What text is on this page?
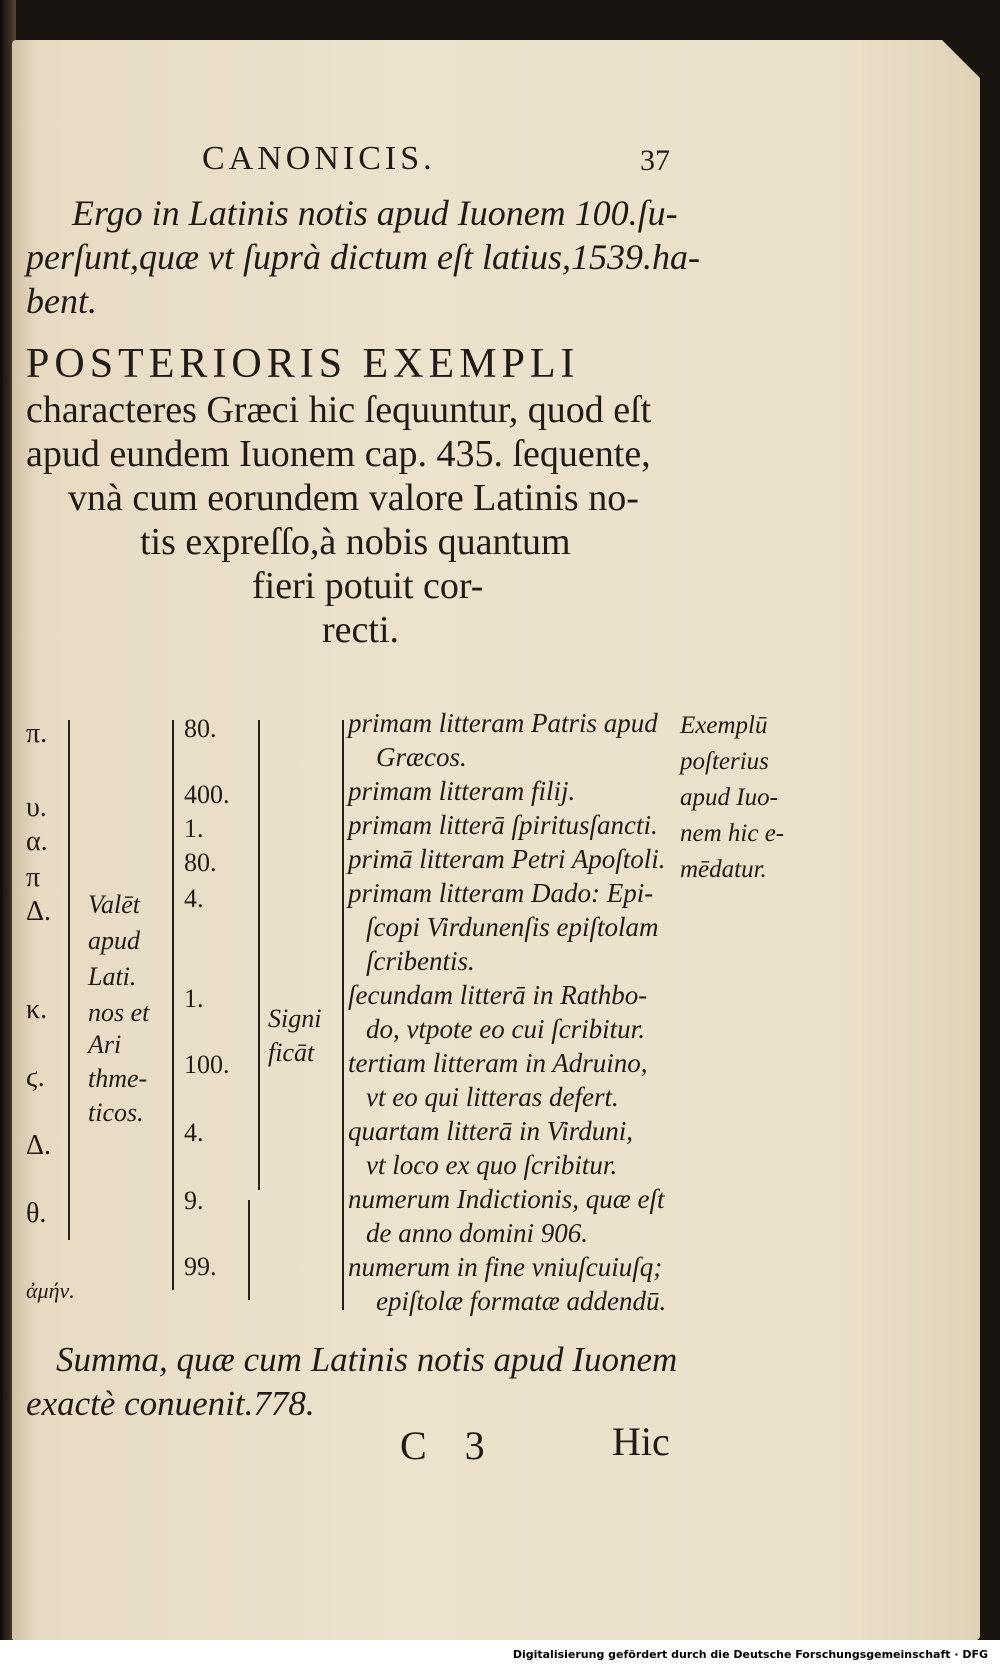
CANONICIS.	37
Ergo in Latinis notis apud Iuonem 100.ſu-
perſunt,quæ vt ſuprà dictum eſt latius,1539.ha-
bent.
POSTERIORIS EXEMPLI
characteres Græci hic ſequuntur, quod eſt
apud eundem Iuonem cap. 435. ſequente,
vnà cum eorundem valore Latinis no-
tis expreſſo,à nobis quantum
fieri potuit cor-
recti.
π.
υ.
α.
π
Δ.
κ.
ϛ.
Δ.
θ.
ἀμήν.
Valēt
apud
Lati.
nos et
Ari
thme-
ticos.
80.
400.
1.
80.
4.
1.
100.
4.
9.
99.
Signi
ficāt
primam litteram Patris apud
Græcos.
primam litteram filij.
primam litterā ſpiritusſancti.
primā litteram Petri Apoſtoli.
primam litteram Dado: Epi-
ſcopi Virdunenſis epiſtolam
ſcribentis.
ſecundam litterā in Rathbo-
do, vtpote eo cui ſcribitur.
tertiam litteram in Adruino,
vt eo qui litteras defert.
quartam litterā in Virduni,
vt loco ex quo ſcribitur.
numerum Indictionis, quæ eſt
de anno domini 906.
numerum in fine vniuſcuiuſq;
epiſtolæ formatæ addendū.
Exemplū
poſterius
apud Iuo-
nem hic e-
mēdatur.
Summa, quæ cum Latinis notis apud Iuonem
exactè conuenit.778.
C 3	Hic
Digitalisierung gefördert durch die Deutsche Forschungsgemeinschaft · DFG
